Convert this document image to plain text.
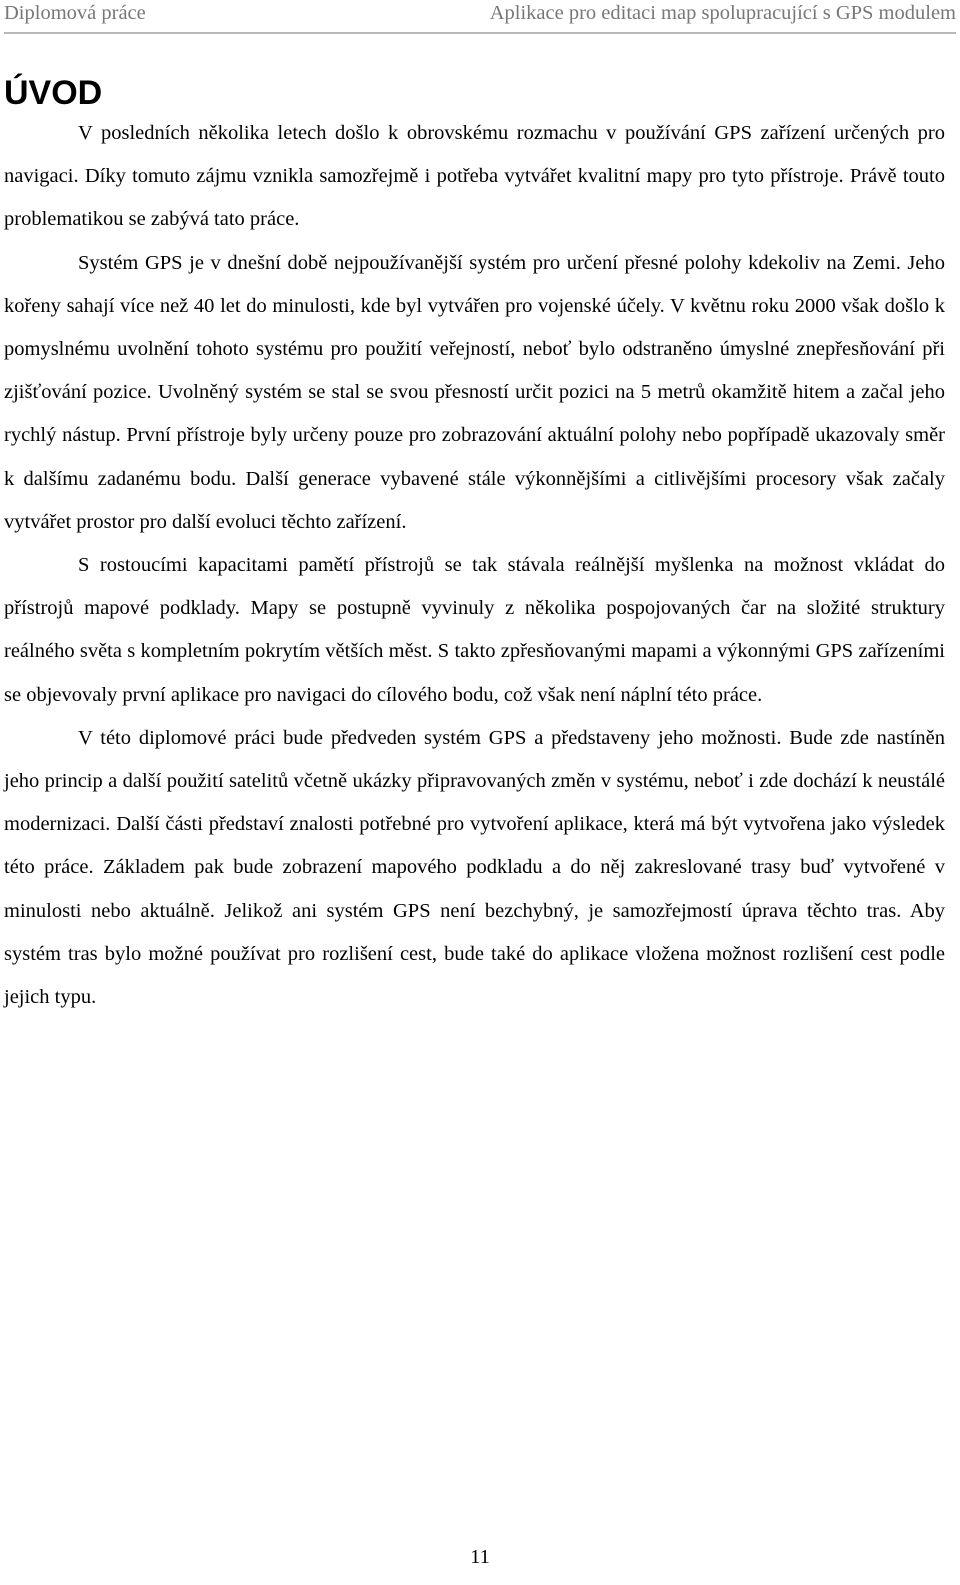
Diplomová práce	Aplikace pro editaci map spolupracující s GPS modulem
ÚVOD

V posledních několika letech došlo k obrovskému rozmachu v používání GPS zařízení určených pro navigaci. Díky tomuto zájmu vznikla samozřejmě i potřeba vytvářet kvalitní mapy pro tyto přístroje. Právě touto problematikou se zabývá tato práce.

Systém GPS je v dnešní době nejpoužívanější systém pro určení přesné polohy kdekoliv na Zemi. Jeho kořeny sahají více než 40 let do minulosti, kde byl vytvářen pro vojenské účely. V květnu roku 2000 však došlo k pomyslnému uvolnění tohoto systému pro použití veřejností, neboť bylo odstraněno úmyslné znepřesňování při zjišťování pozice. Uvolněný systém se stal se svou přesností určit pozici na 5 metrů okamžitě hitem a začal jeho rychlý nástup. První přístroje byly určeny pouze pro zobrazování aktuální polohy nebo popřípadě ukazovaly směr k dalšímu zadanému bodu. Další generace vybavené stále výkonnějšími a citlivějšími procesory však začaly vytvářet prostor pro další evoluci těchto zařízení.

S rostoucími kapacitami pamětí přístrojů se tak stávala reálnější myšlenka na možnost vkládat do přístrojů mapové podklady. Mapy se postupně vyvinuly z několika pospojovaných čar na složité struktury reálného světa s kompletním pokrytím větších měst. S takto zpřesňovanými mapami a výkonnými GPS zařízeními se objevovaly první aplikace pro navigaci do cílového bodu, což však není náplní této práce.

V této diplomové práci bude předveden systém GPS a představeny jeho možnosti. Bude zde nastíněn jeho princip a další použití satelitů včetně ukázky připravovaných změn v systému, neboť i zde dochází k neustálé modernizaci. Další části představí znalosti potřebné pro vytvoření aplikace, která má být vytvořena jako výsledek této práce. Základem pak bude zobrazení mapového podkladu a do něj zakreslované trasy buď vytvořené v minulosti nebo aktuálně. Jelikož ani systém GPS není bezchybný, je samozřejmostí úprava těchto tras. Aby systém tras bylo možné používat pro rozlišení cest, bude také do aplikace vložena možnost rozlišení cest podle jejich typu.

11
